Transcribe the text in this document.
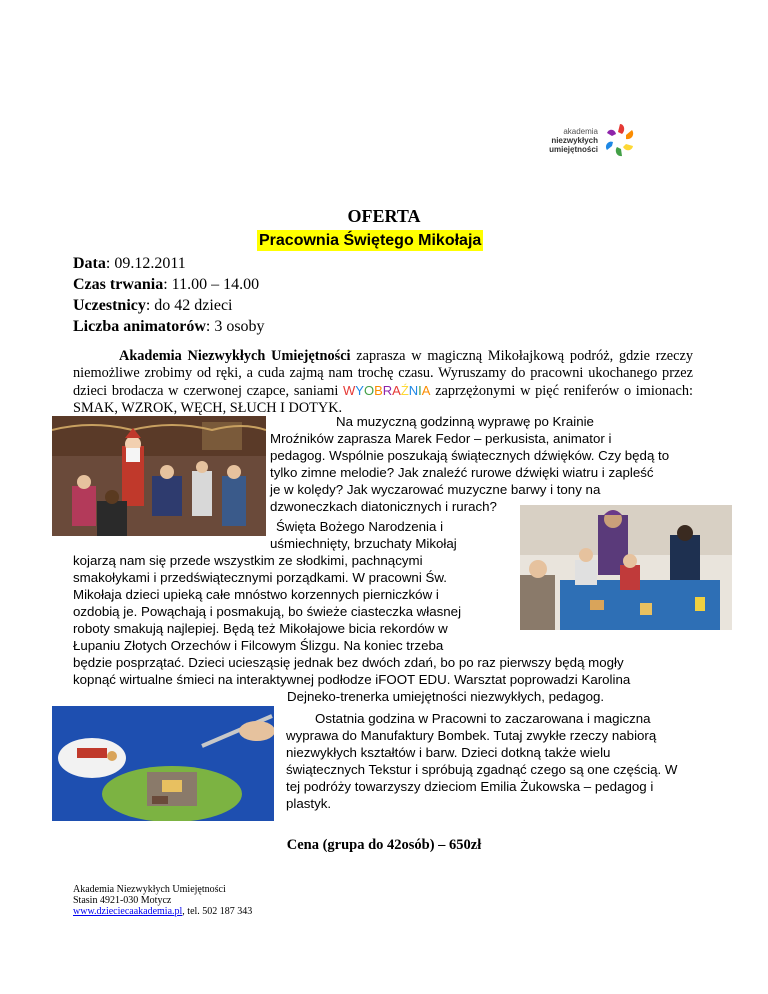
akademia
niezwykłych
umiejętności
OFERTA
Pracownia Świętego Mikołaja
Data: 09.12.2011
Czas trwania: 11.00 – 14.00
Uczestnicy: do 42 dzieci
Liczba animatorów: 3 osoby
Akademia Niezwykłych Umiejętności zaprasza w magiczną Mikołajkową podróż, gdzie rzeczy niemożliwe zrobimy od ręki, a cuda zajmą nam trochę czasu. Wyruszamy do pracowni ukochanego przez dzieci brodacza w czerwonej czapce, saniami WYOBRAŹNIA zaprzężonymi w pięć reniferów o imionach: SMAK, WZROK, WĘCH, SŁUCH I DOTYK.
Na muzyczną godzinną wyprawę po Krainie
Mroźników zaprasza Marek Fedor – perkusista, animator i
pedagog. Wspólnie poszukają świątecznych dźwięków. Czy będą to
tylko zimne melodie? Jak znaleźć rurowe dźwięki wiatru i zapleść
je w kolędy? Jak wyczarować muzyczne barwy i tony na
dzwoneczkach diatonicznych i rurach?
Święta Bożego Narodzenia i
uśmiechnięty, brzuchaty Mikołaj
kojarzą nam się przede wszystkim ze słodkimi, pachnącymi
smakołykami i przedświątecznymi porządkami. W pracowni Św.
Mikołaja dzieci upieką całe mnóstwo korzennych pierniczków i
ozdobią je. Powąchają i posmakują, bo świeże ciasteczka własnej
roboty smakują najlepiej. Będą też Mikołajowe bicia rekordów w
Łupaniu Złotych Orzechów i Filcowym Ślizgu. Na koniec trzeba
będzie posprzątać. Dzieci uciesząsię jednak bez dwóch zdań, bo po raz pierwszy będą mogły
kopnąć wirtualne śmieci na interaktywnej podłodze iFOOT EDU. Warsztat poprowadzi Karolina
Dejneko-trenerka umiejętności niezwykłych, pedagog.
Ostatnia godzina w Pracowni to zaczarowana i magiczna
wyprawa do Manufaktury Bombek. Tutaj zwykłe rzeczy nabiorą
niezwykłych kształtów i barw. Dzieci dotkną także wielu
świątecznych Tekstur i spróbują zgadnąć czego są one częścią. W
tej podróży towarzyszy dzieciom Emilia Żukowska – pedagog i
plastyk.
Cena (grupa do 42osób) – 650zł
Akademia Niezwykłych Umiejętności
Stasin 4921-030 Motycz
www.dzieciecaakademia.pl, tel. 502 187 343
